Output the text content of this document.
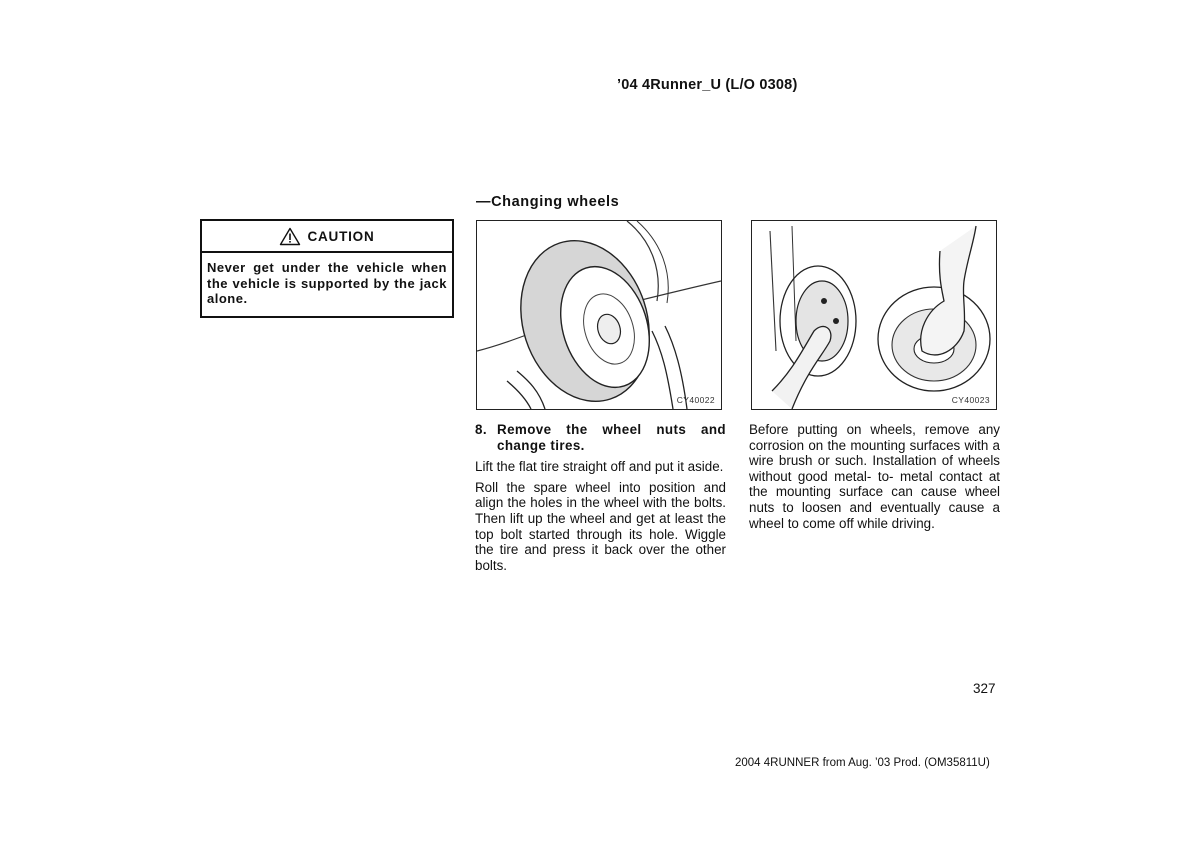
’04 4Runner_U (L/O 0308)
—Changing wheels
CAUTION
Never get under the vehicle when the vehicle is supported by the jack alone.
CY40022	CY40023
8. Remove the wheel nuts and change tires.

Lift the flat tire straight off and put it aside.

Roll the spare wheel into position and align the holes in the wheel with the bolts. Then lift up the wheel and get at least the top bolt started through its hole. Wiggle the tire and press it back over the other bolts.

Before putting on wheels, remove any corrosion on the mounting surfaces with a wire brush or such. Installation of wheels without good metal- to- metal contact at the mounting surface can cause wheel nuts to loosen and eventually cause a wheel to come off while driving.

327
2004 4RUNNER from Aug. ’03 Prod. (OM35811U)
